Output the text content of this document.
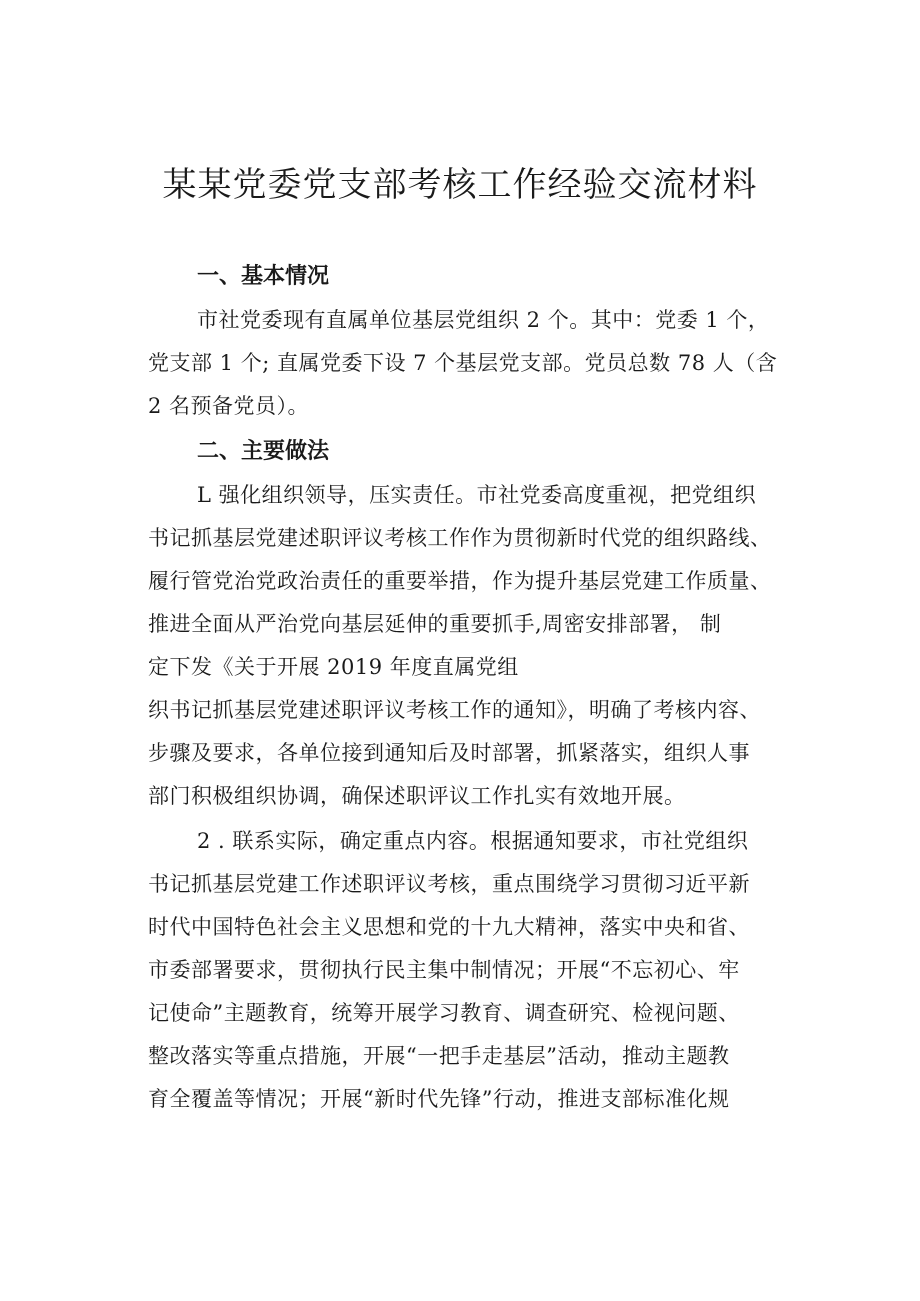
某某党委党支部考核工作经验交流材料
一、基本情况
市社党委现有直属单位基层党组织 2 个。其中：党委 1 个，
党支部 1 个; 直属党委下设 7 个基层党支部。党员总数 78 人（含
2 名预备党员）。
二、主要做法
L 强化组织领导，压实责任。市社党委高度重视，把党组织
书记抓基层党建述职评议考核工作作为贯彻新时代党的组织路线、
履行管党治党政治责任的重要举措，作为提升基层党建工作质量、
推进全面从严治党向基层延伸的重要抓手,周密安排部署， 制
定下发《关于开展 2019 年度直属党组
织书记抓基层党建述职评议考核工作的通知》，明确了考核内容、
步骤及要求，各单位接到通知后及时部署，抓紧落实，组织人事
部门积极组织协调，确保述职评议工作扎实有效地开展。
2 . 联系实际，确定重点内容。根据通知要求，市社党组织
书记抓基层党建工作述职评议考核，重点围绕学习贯彻习近平新
时代中国特色社会主义思想和党的十九大精神，落实中央和省、
市委部署要求，贯彻执行民主集中制情况；开展“不忘初心、牢
记使命”主题教育，统筹开展学习教育、调查研究、检视问题、
整改落实等重点措施，开展“一把手走基层”活动，推动主题教
育全覆盖等情况；开展“新时代先锋”行动，推进支部标准化规
